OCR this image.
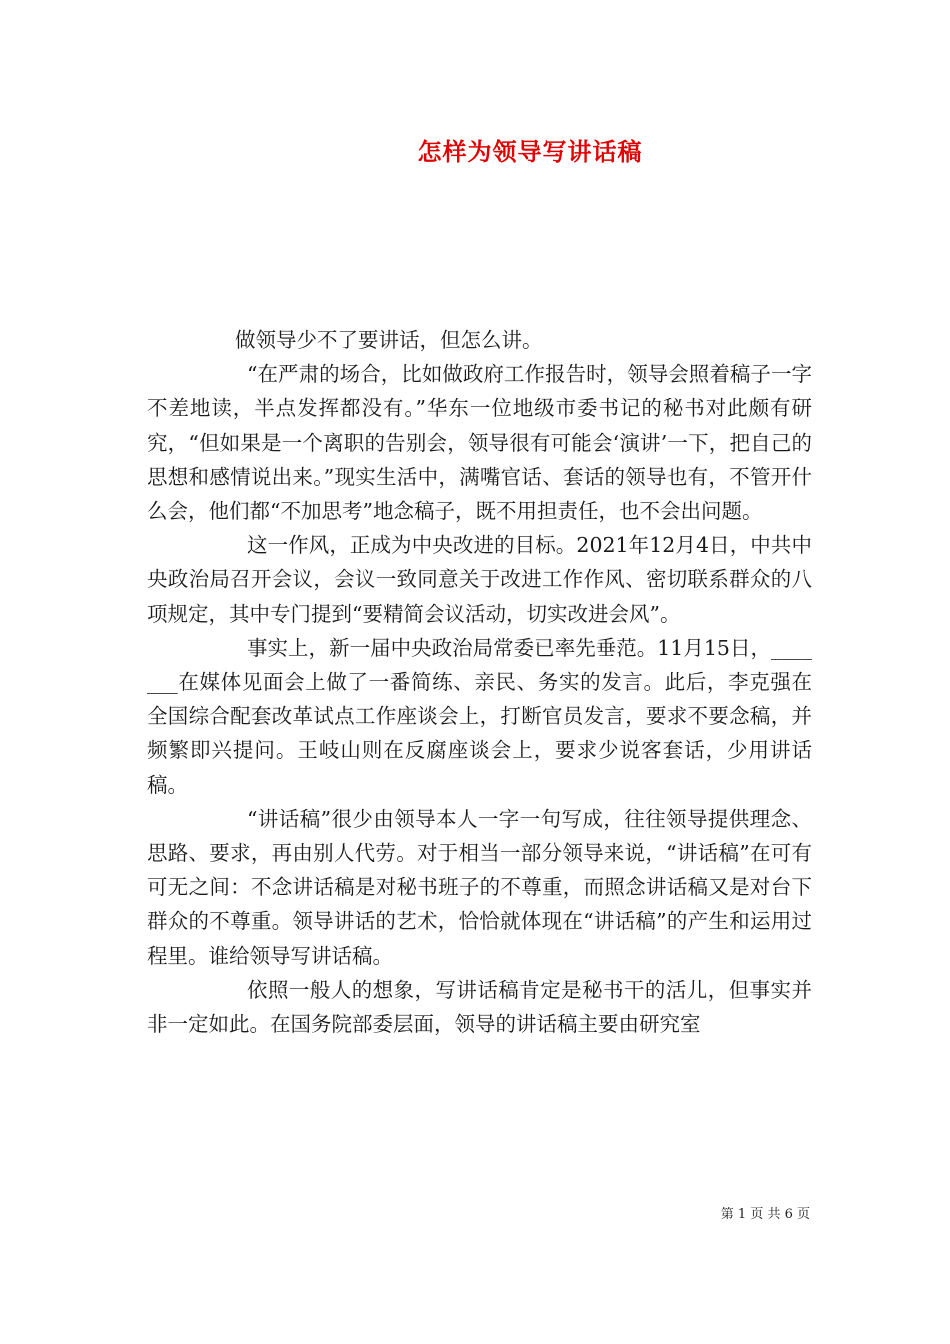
怎样为领导写讲话稿

做领导少不了要讲话，但怎么讲。

“在严肃的场合，比如做政府工作报告时，领导会照着稿子一字不差地读，半点发挥都没有。”华东一位地级市委书记的秘书对此颇有研究，“但如果是一个离职的告别会，领导很有可能会‘演讲’一下，把自己的思想和感情说出来。”现实生活中，满嘴官话、套话的领导也有，不管开什么会，他们都“不加思考”地念稿子，既不用担责任，也不会出问题。

这一作风，正成为中央改进的目标。2021年12月4日，中共中央政治局召开会议，会议一致同意关于改进工作作风、密切联系群众的八项规定，其中专门提到“要精简会议活动，切实改进会风”。

事实上，新一届中央政治局常委已率先垂范。11月15日，_______在媒体见面会上做了一番简练、亲民、务实的发言。此后，李克强在全国综合配套改革试点工作座谈会上，打断官员发言，要求不要念稿，并频繁即兴提问。王岐山则在反腐座谈会上，要求少说客套话，少用讲话稿。

“讲话稿”很少由领导本人一字一句写成，往往领导提供理念、思路、要求，再由别人代劳。对于相当一部分领导来说，“讲话稿”在可有可无之间：不念讲话稿是对秘书班子的不尊重，而照念讲话稿又是对台下群众的不尊重。领导讲话的艺术，恰恰就体现在“讲话稿”的产生和运用过程里。谁给领导写讲话稿。

依照一般人的想象，写讲话稿肯定是秘书干的活儿，但事实并非一定如此。在国务院部委层面，领导的讲话稿主要由研究室

第 1 页 共 6 页
